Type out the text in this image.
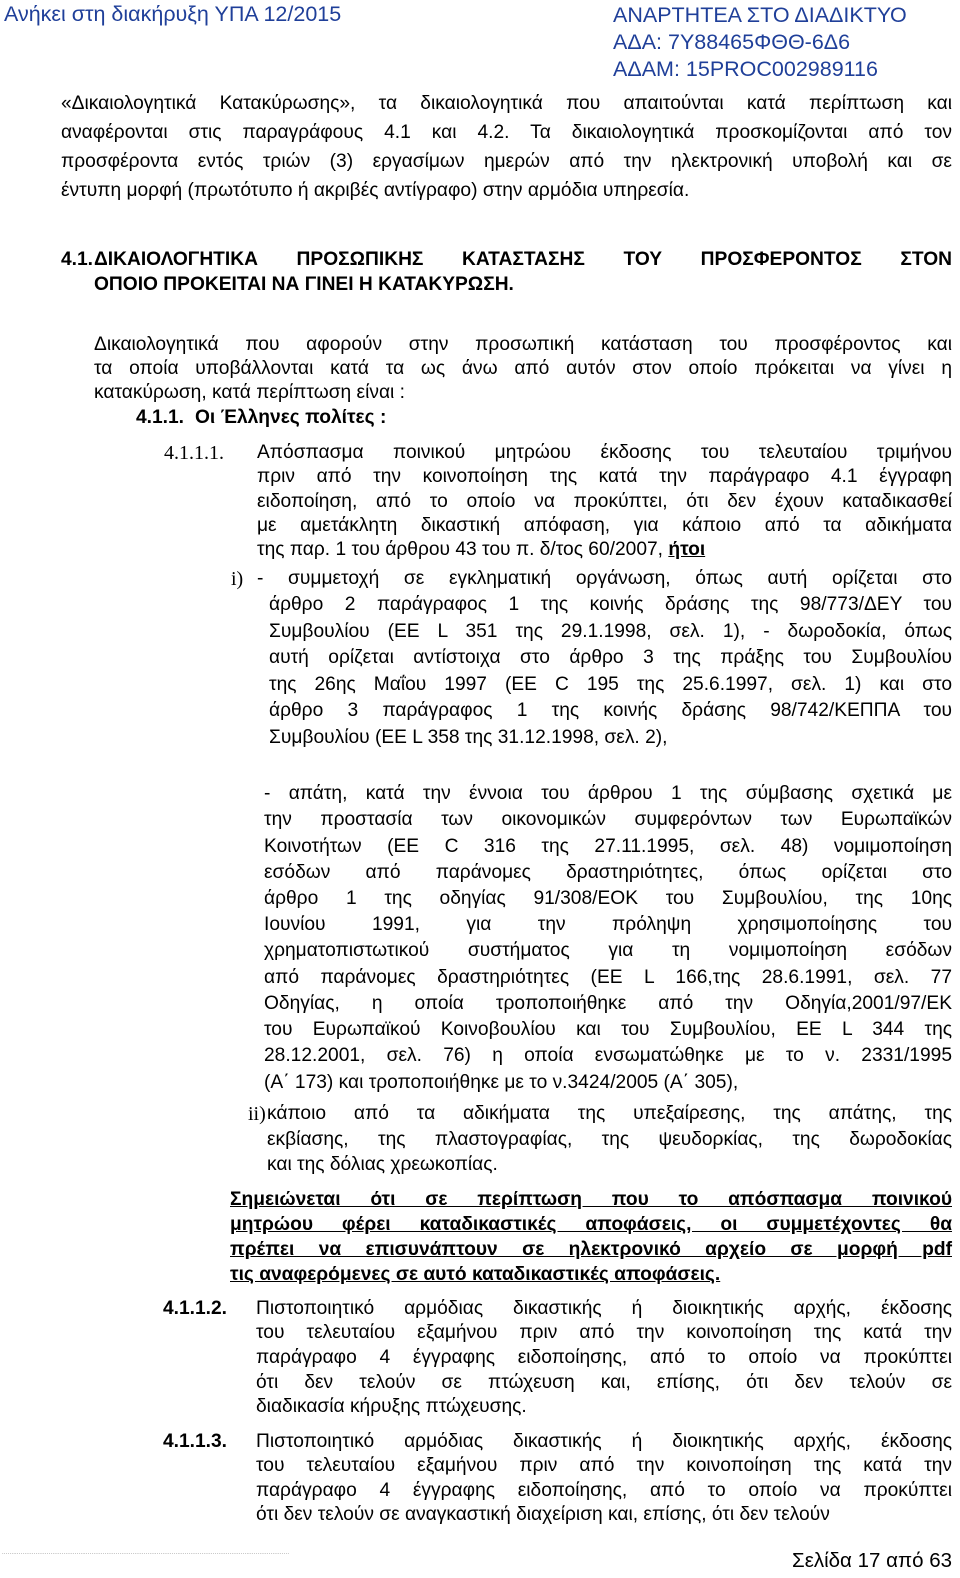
Ανήκει στη διακήρυξη ΥΠΑ 12/2015	ΑΝΑΡΤΗΤΕΑ ΣΤΟ ΔΙΑΔΙΚΤΥΟ
ΑΔΑ: 7Υ88465ΦΘΘ-6Δ6
ΑΔΑΜ: 15PROC002989116
«Δικαιολογητικά Κατακύρωσης», τα δικαιολογητικά που απαιτούνται κατά περίπτωση και
αναφέρονται στις παραγράφους 4.1 και 4.2. Τα δικαιολογητικά προσκομίζονται από τον
προσφέροντα εντός τριών (3) εργασίμων ημερών από την ηλεκτρονική υποβολή και σε
έντυπη μορφή (πρωτότυπο ή ακριβές αντίγραφο) στην αρμόδια υπηρεσία.
4.1. ΔΙΚΑΙΟΛΟΓΗΤΙΚΑ ΠΡΟΣΩΠΙΚΗΣ ΚΑΤΑΣΤΑΣΗΣ ΤΟΥ ΠΡΟΣΦΕΡΟΝΤΟΣ ΣΤΟΝ
ΟΠΟΙΟ ΠΡΟΚΕΙΤΑΙ ΝΑ ΓΙΝΕΙ Η ΚΑΤΑΚΥΡΩΣΗ.
Δικαιολογητικά που αφορούν στην προσωπική κατάσταση του προσφέροντος και
τα οποία υποβάλλονται κατά τα ως άνω από αυτόν στον οποίο πρόκειται να γίνει η
κατακύρωση, κατά περίπτωση είναι :
4.1.1. Οι Έλληνες πολίτες :
4.1.1.1.	Απόσπασμα ποινικού μητρώου έκδοσης του τελευταίου τριμήνου
πριν από την κοινοποίηση της κατά την παράγραφο 4.1 έγγραφη
ειδοποίηση, από το οποίο να προκύπτει, ότι δεν έχουν καταδικασθεί
με αμετάκλητη δικαστική απόφαση, για κάποιο από τα αδικήματα
της παρ. 1 του άρθρου 43 του π. δ/τος 60/2007, ήτοι
i) - συμμετοχή σε εγκληματική οργάνωση, όπως αυτή ορίζεται στο
άρθρο 2 παράγραφος 1 της κοινής δράσης της 98/773/ΔΕΥ του
Συμβουλίου (ΕΕ L 351 της 29.1.1998, σελ. 1), - δωροδοκία, όπως
αυτή ορίζεται αντίστοιχα στο άρθρο 3 της πράξης του Συμβουλίου
της 26ης Μαΐου 1997 (ΕΕ C 195 της 25.6.1997, σελ. 1) και στο
άρθρο 3 παράγραφος 1 της κοινής δράσης 98/742/ΚΕΠΠΑ του
Συμβουλίου (ΕΕ L 358 της 31.12.1998, σελ. 2),
- απάτη, κατά την έννοια του άρθρου 1 της σύμβασης σχετικά με
την προστασία των οικονομικών συμφερόντων των Ευρωπαϊκών
Κοινοτήτων (ΕΕ C 316 της 27.11.1995, σελ. 48) νομιμοποίηση
εσόδων από παράνομες δραστηριότητες, όπως ορίζεται στο
άρθρο 1 της οδηγίας 91/308/ΕΟΚ του Συμβουλίου, της 10ης
Ιουνίου 1991, για την πρόληψη χρησιμοποίησης του
χρηματοπιστωτικού συστήματος για τη νομιμοποίηση εσόδων
από παράνομες δραστηριότητες (ΕΕ L 166,της 28.6.1991, σελ. 77
Οδηγίας, η οποία τροποποιήθηκε από την Οδηγία,2001/97/ΕΚ
του Ευρωπαϊκού Κοινοβουλίου και του Συμβουλίου, ΕΕ L 344 της
28.12.2001, σελ. 76) η οποία ενσωματώθηκε με το ν. 2331/1995
(Α΄ 173) και τροποποιήθηκε με το ν.3424/2005 (Α΄ 305),
ii) κάποιο από τα αδικήματα της υπεξαίρεσης, της απάτης, της
εκβίασης, της πλαστογραφίας, της ψευδορκίας, της δωροδοκίας
και της δόλιας χρεωκοπίας.
Σημειώνεται ότι σε περίπτωση που το απόσπασμα ποινικού
μητρώου φέρει καταδικαστικές αποφάσεις, οι συμμετέχοντες θα
πρέπει να επισυνάπτουν σε ηλεκτρονικό αρχείο σε μορφή pdf
τις αναφερόμενες σε αυτό καταδικαστικές αποφάσεις.
4.1.1.2.	Πιστοποιητικό αρμόδιας δικαστικής ή διοικητικής αρχής, έκδοσης
του τελευταίου εξαμήνου πριν από την κοινοποίηση της κατά την
παράγραφο 4 έγγραφης ειδοποίησης, από το οποίο να προκύπτει
ότι δεν τελούν σε πτώχευση και, επίσης, ότι δεν τελούν σε
διαδικασία κήρυξης πτώχευσης.
4.1.1.3.	Πιστοποιητικό αρμόδιας δικαστικής ή διοικητικής αρχής, έκδοσης
του τελευταίου εξαμήνου πριν από την κοινοποίηση της κατά την
παράγραφο 4 έγγραφης ειδοποίησης, από το οποίο να προκύπτει
ότι δεν τελούν σε αναγκαστική διαχείριση και, επίσης, ότι δεν τελούν
··························································································································································	Σελίδα 17 από 63
